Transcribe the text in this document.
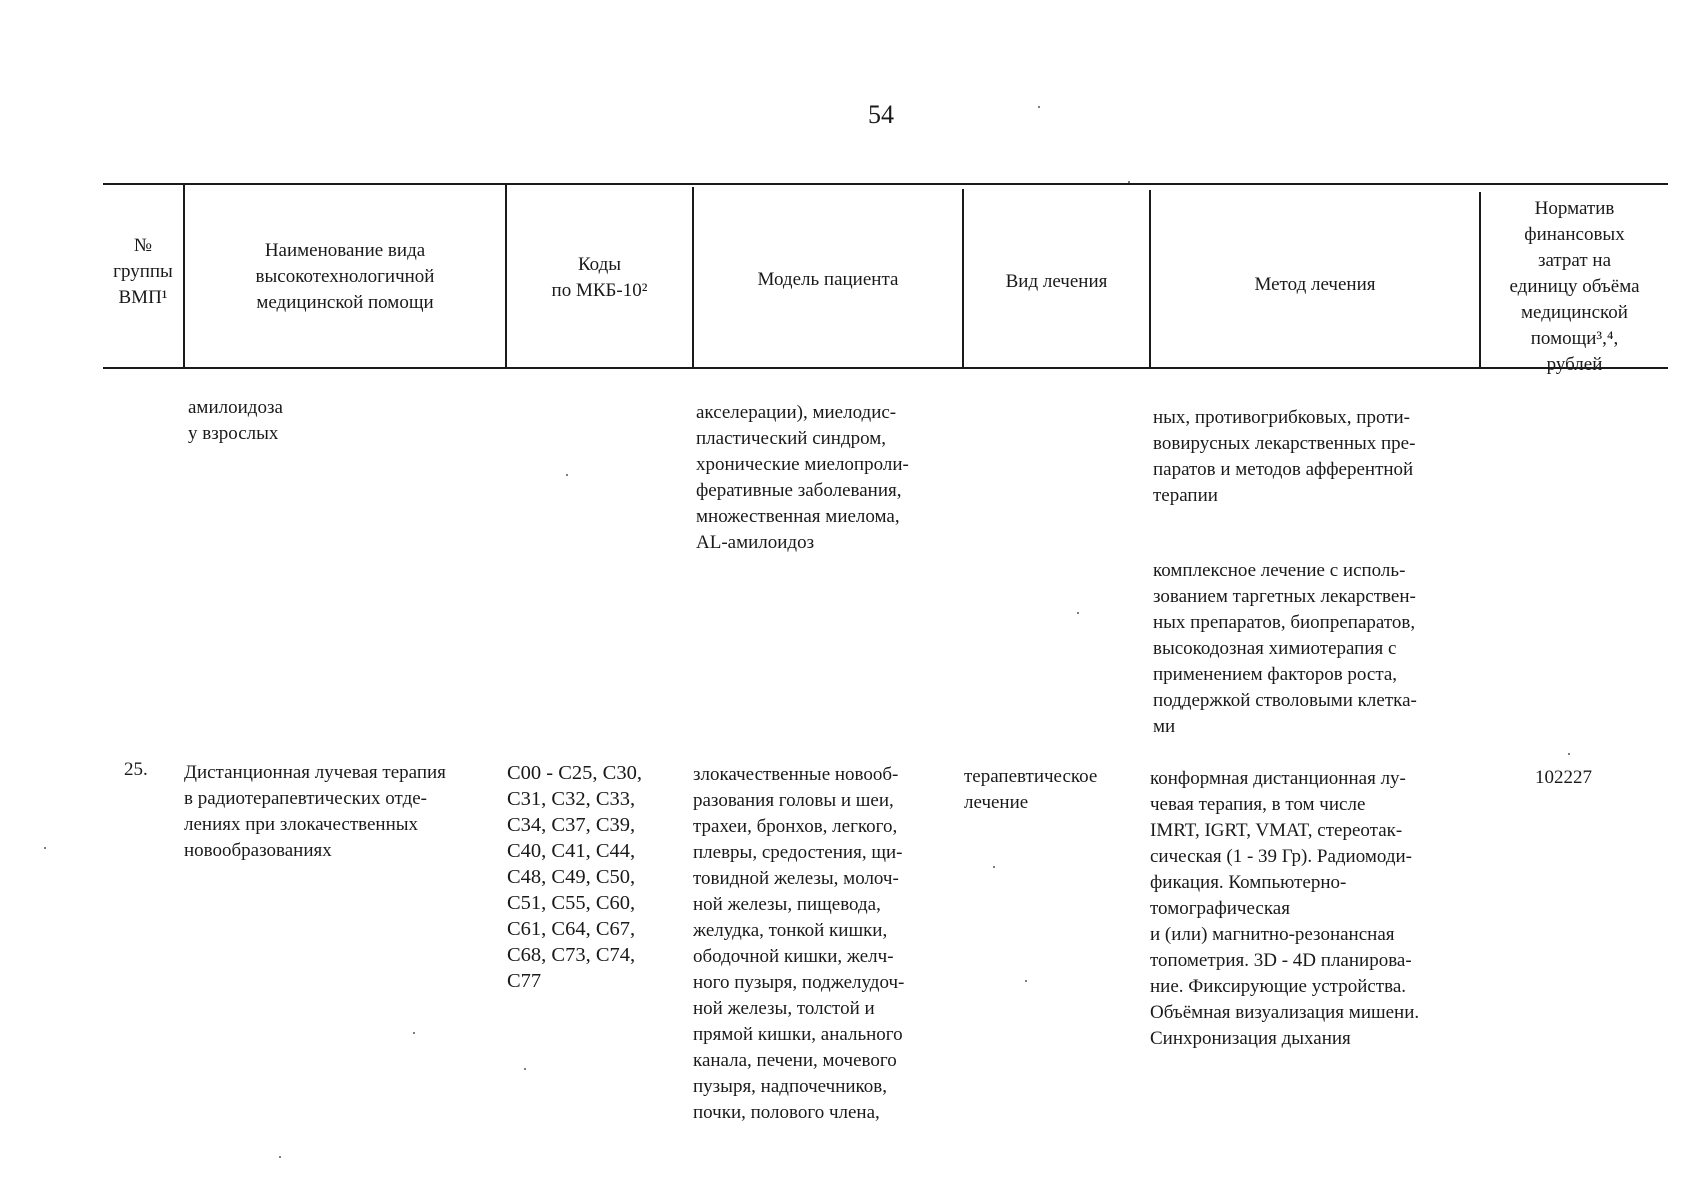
54
№
группы
ВМП¹
Наименование вида
высокотехнологичной
медицинской помощи
Коды
по МКБ-10²
Модель пациента	Вид лечения	Метод лечения
Норматив
финансовых
затрат на
единицу объёма
медицинской
помощи³,⁴,
рублей
амилоидоза
у взрослых
акселерации), миелодис-
пластический синдром,
хронические миелопроли-
феративные заболевания,
множественная миелома,
AL-амилоидоз
ных, противогрибковых, проти-
вовирусных лекарственных пре-
паратов и методов афферентной
терапии
комплексное лечение с исполь-
зованием таргетных лекарствен-
ных препаратов, биопрепаратов,
высокодозная химиотерапия с
применением факторов роста,
поддержкой стволовыми клетка-
ми
25. Дистанционная лучевая терапия
в радиотерапевтических отде-
лениях при злокачественных
новообразованиях
С00 - С25, С30,
С31, С32, С33,
С34, С37, С39,
С40, С41, С44,
С48, С49, С50,
С51, С55, С60,
С61, С64, С67,
С68, С73, С74,
С77
злокачественные новооб-
разования головы и шеи,
трахеи, бронхов, легкого,
плевры, средостения, щи-
товидной железы, молоч-
ной железы, пищевода,
желудка, тонкой кишки,
ободочной кишки, желч-
ного пузыря, поджелудоч-
ной железы, толстой и
прямой кишки, анального
канала, печени, мочевого
пузыря, надпочечников,
почки, полового члена,
терапевтическое
лечение
конформная дистанционная лу-
чевая терапия, в том числе
IMRT, IGRT, VMAT, стереотак-
сическая (1 - 39 Гр). Радиомоди-
фикация. Компьютерно-
томографическая
и (или) магнитно-резонансная
топометрия. 3D - 4D планирова-
ние. Фиксирующие устройства.
Объёмная визуализация мишени.
Синхронизация дыхания
102227
